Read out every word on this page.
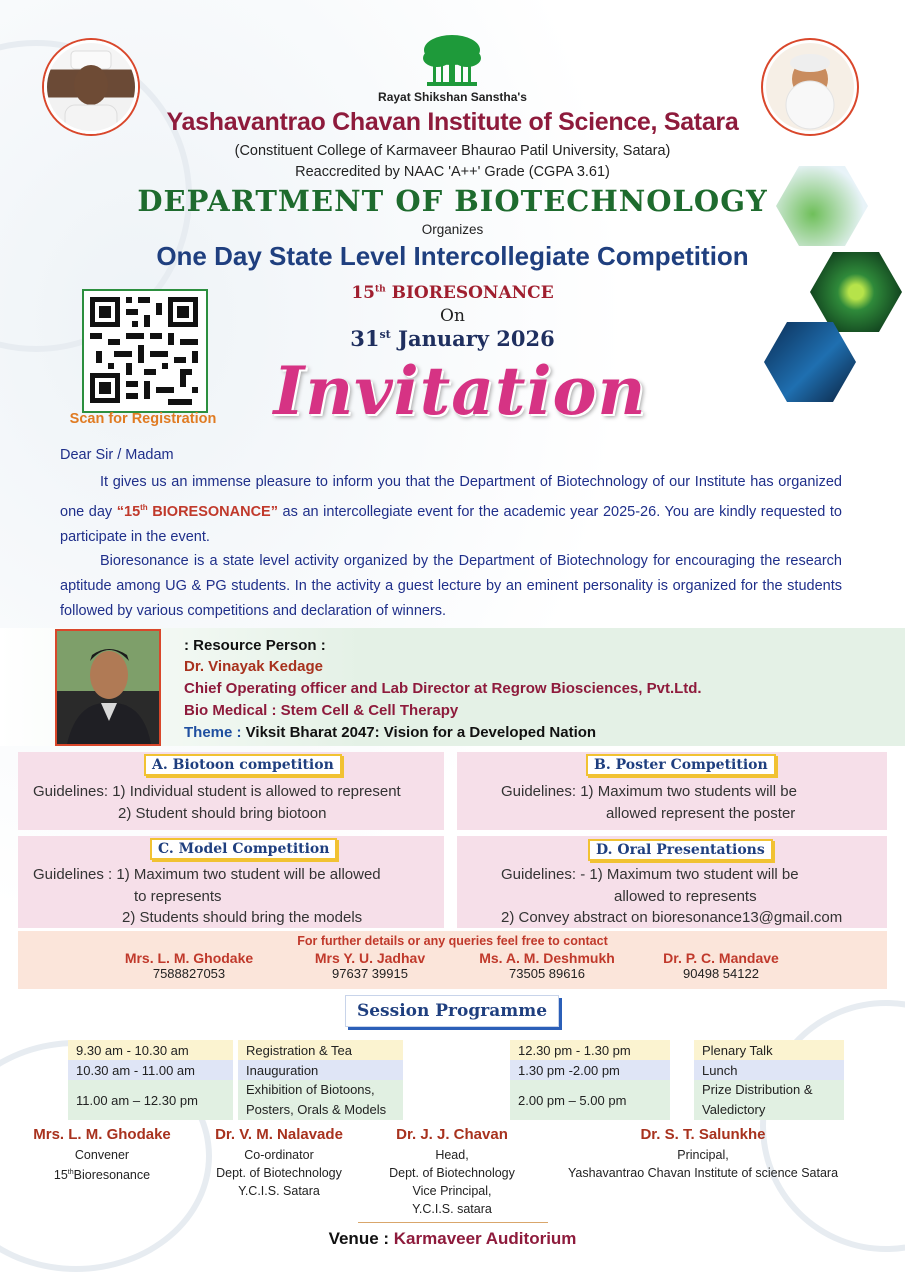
Rayat Shikshan Sanstha's
Yashavantrao Chavan Institute of Science, Satara
(Constituent College of Karmaveer Bhaurao Patil University, Satara)
Reaccredited by NAAC 'A++' Grade (CGPA 3.61)
DEPARTMENT OF BIOTECHNOLOGY
Organizes
One Day State Level Intercollegiate Competition
15th BIORESONANCE
On
31st January 2026
Invitation
Scan for Registration
Dear Sir / Madam

It gives us an immense pleasure to inform you that the Department of Biotechnology of our Institute has organized one day “15th BIORESONANCE” as an intercollegiate event for the academic year 2025-26. You are kindly requested to participate in the event.

Bioresonance is a state level activity organized by the Department of Biotechnology for encouraging the research aptitude among UG & PG students. In the activity a guest lecture by an eminent personality is organized for the students followed by various competitions and declaration of winners.

: Resource Person :
Dr. Vinayak Kedage
Chief Operating officer and Lab Director at Regrow Biosciences, Pvt.Ltd.
Bio Medical : Stem Cell & Cell Therapy
Theme : Viksit Bharat 2047: Vision for a Developed Nation
A. Biotoon competition
Guidelines: 1) Individual student is allowed to represent
2) Student should bring biotoon
B. Poster Competition
Guidelines: 1) Maximum two students will be
allowed represent the poster
C. Model Competition
Guidelines : 1) Maximum two student will be allowed
to represents
2) Students should bring the models
D. Oral Presentations
Guidelines: - 1) Maximum two student will be
allowed to represents
2) Convey abstract on bioresonance13@gmail.com
For further details or any queries feel free to contact
Mrs. L. M. Ghodake
7588827053
Mrs Y. U. Jadhav
97637 39915
Ms. A. M. Deshmukh
73505 89616
Dr. P. C. Mandave
90498 54122
Session Programme
9.30 am - 10.30 am	Registration & Tea
10.30 am - 11.00 am	Inauguration
11.00 am – 12.30 pm
Exhibition of Biotoons,
Posters, Orals & Models
12.30 pm - 1.30 pm	Plenary Talk
1.30 pm -2.00 pm	Lunch
2.00 pm – 5.00 pm
Prize Distribution &
Valedictory
Mrs. L. M. Ghodake
Convener
15thBioresonance
Dr. V. M. Nalavade
Co-ordinator
Dept. of Biotechnology
Y.C.I.S. Satara
Dr. J. J. Chavan
Head,
Dept. of Biotechnology
Vice Principal,
Y.C.I.S. satara
Dr. S. T. Salunkhe
Principal,
Yashavantrao Chavan Institute of science Satara
Venue : Karmaveer Auditorium
